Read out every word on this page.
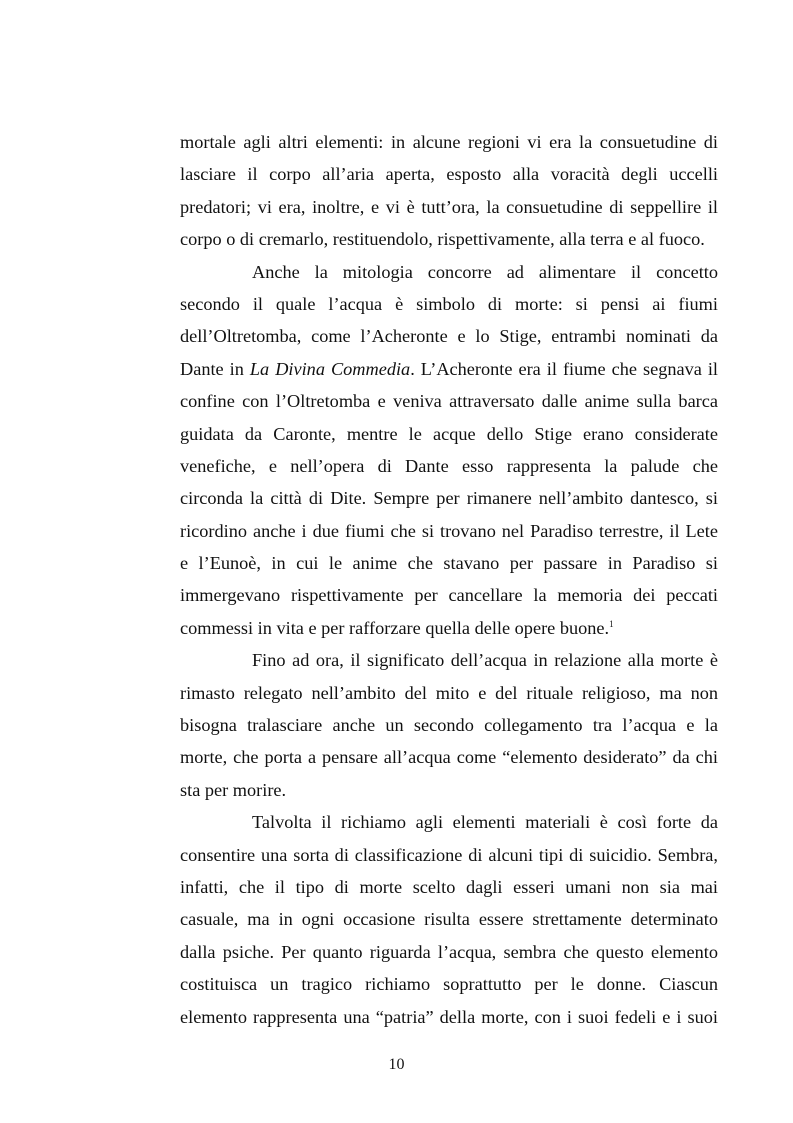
mortale agli altri elementi: in alcune regioni vi era la consuetudine di
lasciare il corpo all’aria aperta, esposto alla voracità degli uccelli
predatori; vi era, inoltre, e vi è tutt’ora, la consuetudine di seppellire il
corpo o di cremarlo, restituendolo, rispettivamente, alla terra e al fuoco.
Anche la mitologia concorre ad alimentare il concetto
secondo il quale l’acqua è simbolo di morte: si pensi ai fiumi
dell’Oltretomba, come l’Acheronte e lo Stige, entrambi nominati da
Dante in La Divina Commedia. L’Acheronte era il fiume che segnava il
confine con l’Oltretomba e veniva attraversato dalle anime sulla barca
guidata da Caronte, mentre le acque dello Stige erano considerate
venefiche, e nell’opera di Dante esso rappresenta la palude che
circonda la città di Dite. Sempre per rimanere nell’ambito dantesco, si
ricordino anche i due fiumi che si trovano nel Paradiso terrestre, il Lete
e l’Eunoè, in cui le anime che stavano per passare in Paradiso si
immergevano rispettivamente per cancellare la memoria dei peccati
commessi in vita e per rafforzare quella delle opere buone.$^1$
Fino ad ora, il significato dell’acqua in relazione alla morte è
rimasto relegato nell’ambito del mito e del rituale religioso, ma non
bisogna tralasciare anche un secondo collegamento tra l’acqua e la
morte, che porta a pensare all’acqua come “elemento desiderato” da chi
sta per morire.
Talvolta il richiamo agli elementi materiali è così forte da
consentire una sorta di classificazione di alcuni tipi di suicidio. Sembra,
infatti, che il tipo di morte scelto dagli esseri umani non sia mai
casuale, ma in ogni occasione risulta essere strettamente determinato
dalla psiche. Per quanto riguarda l’acqua, sembra che questo elemento
costituisca un tragico richiamo soprattutto per le donne. Ciascun
elemento rappresenta una “patria” della morte, con i suoi fedeli e i suoi
10
